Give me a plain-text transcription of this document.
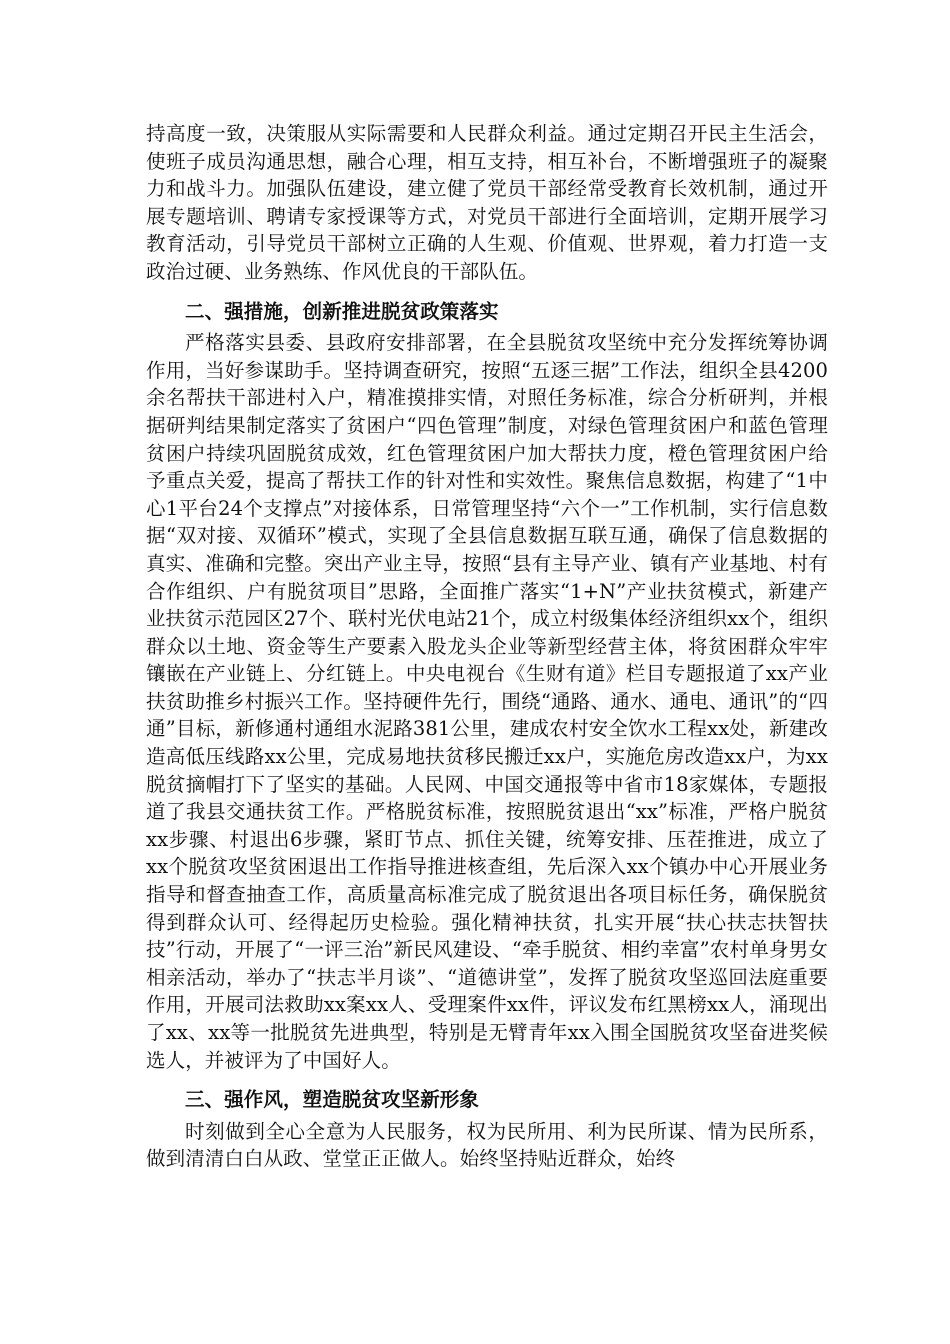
持高度一致，决策服从实际需要和人民群众利益。通过定期召开民主生活会，使班子成员沟通思想，融合心理，相互支持，相互补台，不断增强班子的凝聚力和战斗力。加强队伍建设，建立健了党员干部经常受教育长效机制，通过开展专题培训、聘请专家授课等方式，对党员干部进行全面培训，定期开展学习教育活动，引导党员干部树立正确的人生观、价值观、世界观，着力打造一支政治过硬、业务熟练、作风优良的干部队伍。

二、强措施，创新推进脱贫政策落实

严格落实县委、县政府安排部署，在全县脱贫攻坚统中充分发挥统筹协调作用，当好参谋助手。坚持调查研究，按照“五逐三据”工作法，组织全县4200余名帮扶干部进村入户，精准摸排实情，对照任务标准，综合分析研判，并根据研判结果制定落实了贫困户“四色管理”制度，对绿色管理贫困户和蓝色管理贫困户持续巩固脱贫成效，红色管理贫困户加大帮扶力度，橙色管理贫困户给予重点关爱，提高了帮扶工作的针对性和实效性。聚焦信息数据，构建了“1中心1平台24个支撑点”对接体系，日常管理坚持“六个一”工作机制，实行信息数据“双对接、双循环”模式，实现了全县信息数据互联互通，确保了信息数据的真实、准确和完整。突出产业主导，按照“县有主导产业、镇有产业基地、村有合作组织、户有脱贫项目”思路，全面推广落实“1+N”产业扶贫模式，新建产业扶贫示范园区27个、联村光伏电站21个，成立村级集体经济组织xx个，组织群众以土地、资金等生产要素入股龙头企业等新型经营主体，将贫困群众牢牢镶嵌在产业链上、分红链上。中央电视台《生财有道》栏目专题报道了xx产业扶贫助推乡村振兴工作。坚持硬件先行，围绕“通路、通水、通电、通讯”的“四通”目标，新修通村通组水泥路381公里，建成农村安全饮水工程xx处，新建改造高低压线路xx公里，完成易地扶贫移民搬迁xx户，实施危房改造xx户，为xx脱贫摘帽打下了坚实的基础。人民网、中国交通报等中省市18家媒体，专题报道了我县交通扶贫工作。严格脱贫标准，按照脱贫退出“xx”标准，严格户脱贫xx步骤、村退出6步骤，紧盯节点、抓住关键，统筹安排、压茬推进，成立了xx个脱贫攻坚贫困退出工作指导推进核查组，先后深入xx个镇办中心开展业务指导和督查抽查工作，高质量高标准完成了脱贫退出各项目标任务，确保脱贫得到群众认可、经得起历史检验。强化精神扶贫，扎实开展“扶心扶志扶智扶技”行动，开展了“一评三治”新民风建设、“牵手脱贫、相约幸富”农村单身男女相亲活动，举办了“扶志半月谈”、“道德讲堂”，发挥了脱贫攻坚巡回法庭重要作用，开展司法救助xx案xx人、受理案件xx件，评议发布红黑榜xx人，涌现出了xx、xx等一批脱贫先进典型，特别是无臂青年xx入围全国脱贫攻坚奋进奖候选人，并被评为了中国好人。

三、强作风，塑造脱贫攻坚新形象

时刻做到全心全意为人民服务，权为民所用、利为民所谋、情为民所系，做到清清白白从政、堂堂正正做人。始终坚持贴近群众，始终
